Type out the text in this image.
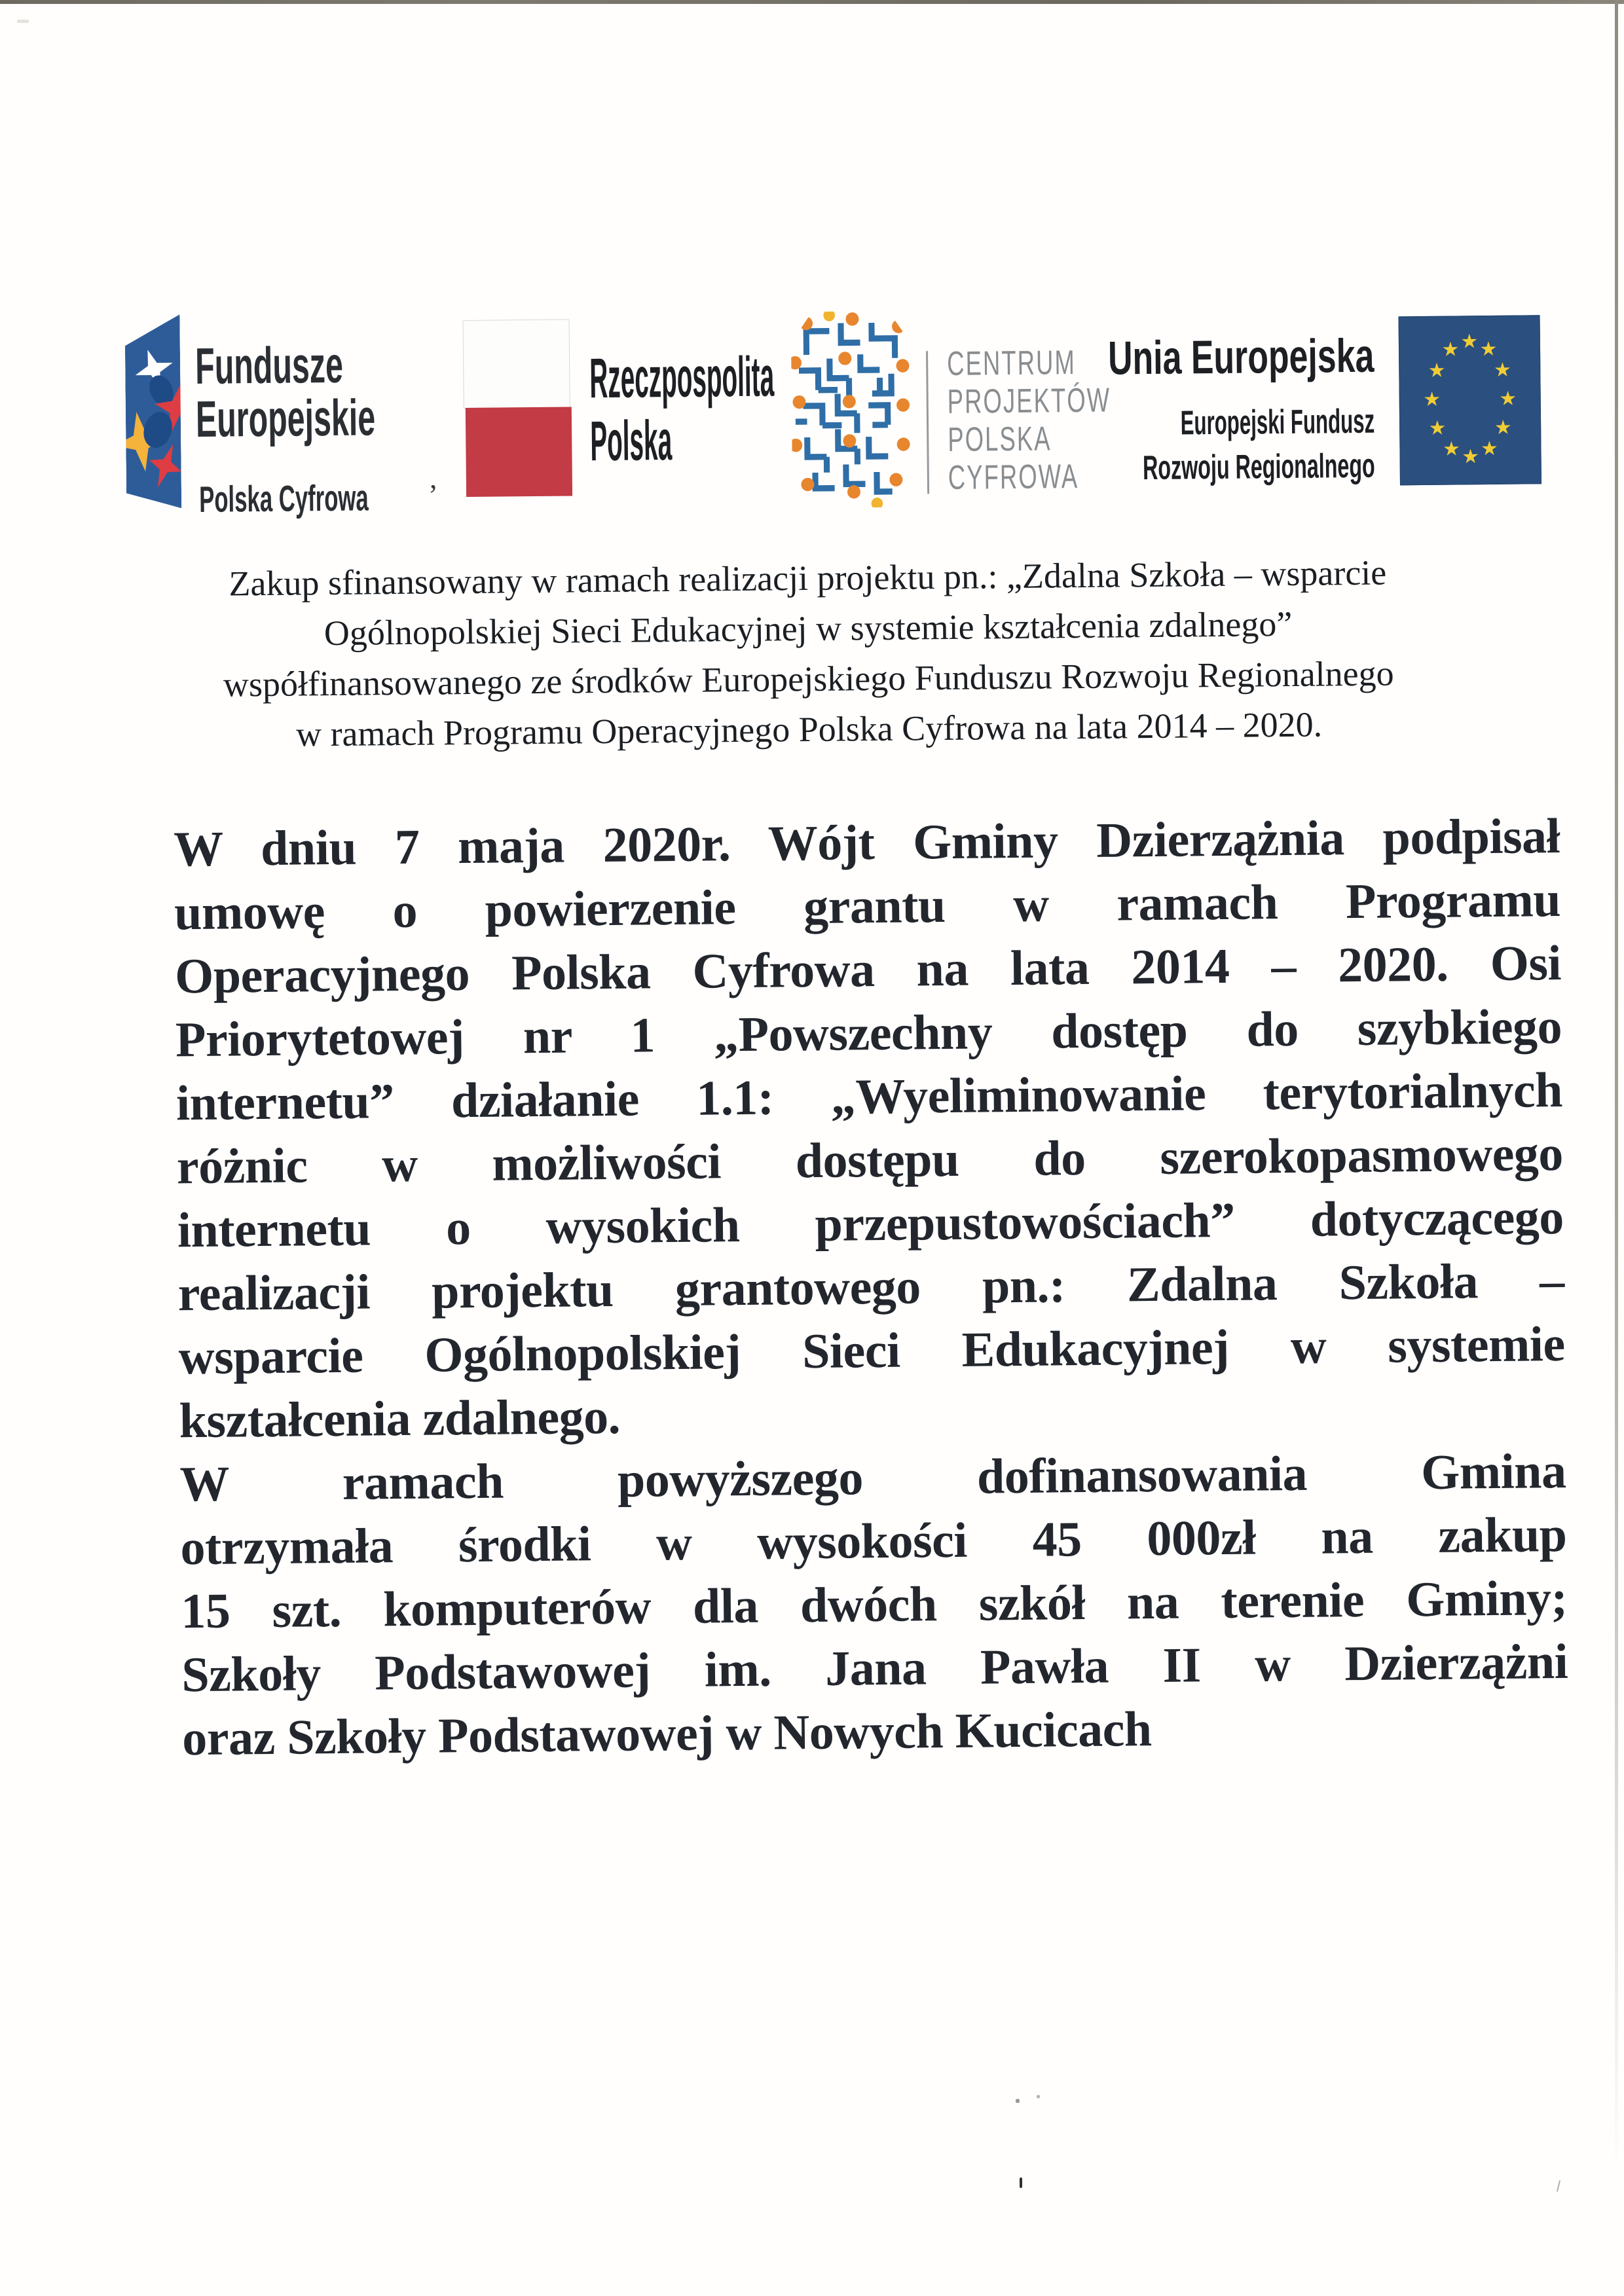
Fundusze
Europejskie
Polska Cyfrowa ,
Rzeczpospolita
Polska
CENTRUM
PROJEKTÓW
POLSKA
CYFROWA
Unia Europejska
Europejski Fundusz
Rozwoju Regionalnego
★ ★
★
★
★
★
★
★
★
★
★
★
Zakup sfinansowany w ramach realizacji projektu pn.: „Zdalna Szkoła – wsparcie
Ogólnopolskiej Sieci Edukacyjnej w systemie kształcenia zdalnego”
współfinansowanego ze środków Europejskiego Funduszu Rozwoju Regionalnego
w ramach Programu Operacyjnego Polska Cyfrowa na lata 2014 – 2020.
W dniu 7 maja 2020r. Wójt Gminy Dzierzążnia podpisał
umowę o powierzenie grantu w ramach Programu
Operacyjnego Polska Cyfrowa na lata 2014 – 2020. Osi
Priorytetowej nr 1 „Powszechny dostęp do szybkiego
internetu” działanie 1.1: „Wyeliminowanie terytorialnych
różnic w możliwości dostępu do szerokopasmowego
internetu o wysokich przepustowościach” dotyczącego
realizacji projektu grantowego pn.: Zdalna Szkoła –
wsparcie Ogólnopolskiej Sieci Edukacyjnej w systemie
kształcenia zdalnego.
W ramach powyższego dofinansowania Gmina
otrzymała środki w wysokości 45 000zł na zakup
15 szt. komputerów dla dwóch szkół na terenie Gminy;
Szkoły Podstawowej im. Jana Pawła II w Dzierzążni
oraz Szkoły Podstawowej w Nowych Kucicach
